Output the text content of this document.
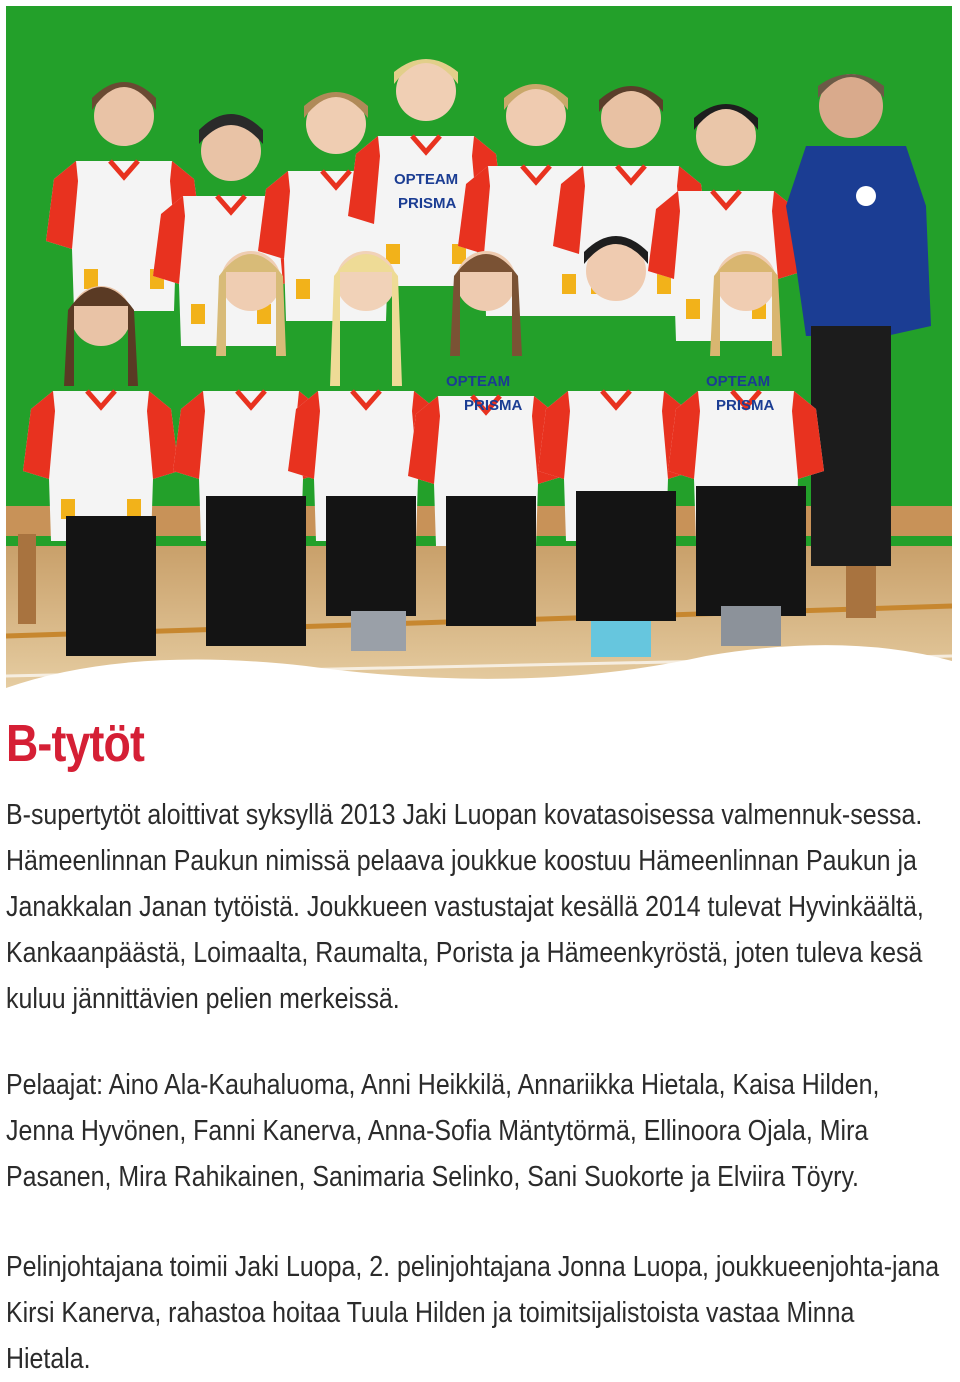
OPTEAM
PRISMA
OPTEAM
PRISMA
OPTEAM
PRISMA
B-tytöt

B-supertytöt aloittivat syksyllä 2013 Jaki Luopan kovatasoisessa valmennuk-sessa. Hämeenlinnan Paukun nimissä pelaava joukkue koostuu Hämeenlinnan Paukun ja Janakkalan Janan tytöistä. Joukkueen vastustajat kesällä 2014 tulevat Hyvinkäältä, Kankaanpäästä, Loimaalta, Raumalta, Porista ja Hämeenkyröstä, joten tuleva kesä kuluu jännittävien pelien merkeissä.

Pelaajat: Aino Ala-Kauhaluoma, Anni Heikkilä, Annariikka Hietala, Kaisa Hilden, Jenna Hyvönen, Fanni Kanerva, Anna-Sofia Mäntytörmä, Ellinoora Ojala, Mira Pasanen, Mira Rahikainen, Sanimaria Selinko, Sani Suokorte ja Elviira Töyry.

Pelinjohtajana toimii Jaki Luopa, 2. pelinjohtajana Jonna Luopa, joukkueenjohta-jana Kirsi Kanerva, rahastoa hoitaa Tuula Hilden ja toimitsijalistoista vastaa Minna Hietala.
